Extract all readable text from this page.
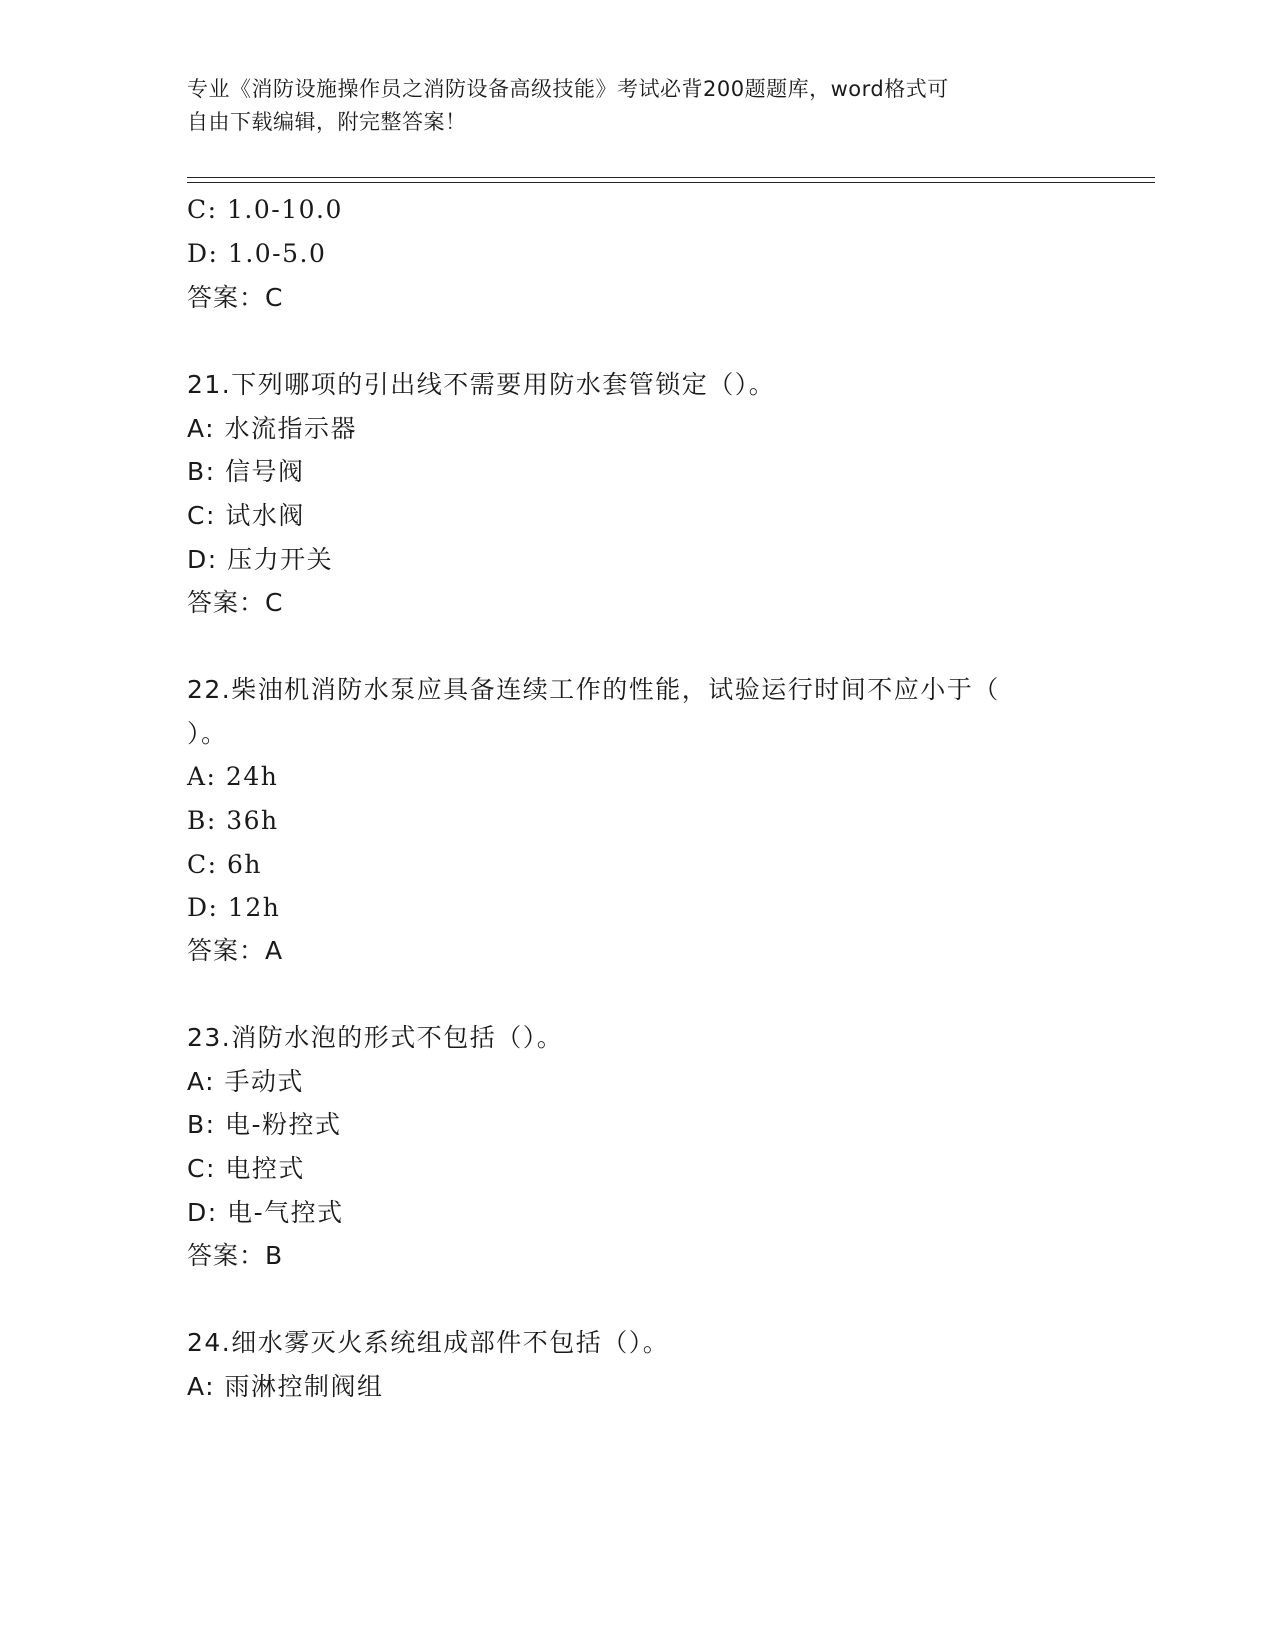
专业《消防设施操作员之消防设备高级技能》考试必背200题题库，word格式可
自由下载编辑，附完整答案！
C: 1.0-10.0
D: 1.0-5.0
答案：C
21.下列哪项的引出线不需要用防水套管锁定（）。
A: 水流指示器
B: 信号阀
C: 试水阀
D: 压力开关
答案：C
22.柴油机消防水泵应具备连续工作的性能，试验运行时间不应小于（
）。
A: 24h
B: 36h
C: 6h
D: 12h
答案：A
23.消防水泡的形式不包括（）。
A: 手动式
B: 电-粉控式
C: 电控式
D: 电-气控式
答案：B
24.细水雾灭火系统组成部件不包括（）。
A: 雨淋控制阀组
